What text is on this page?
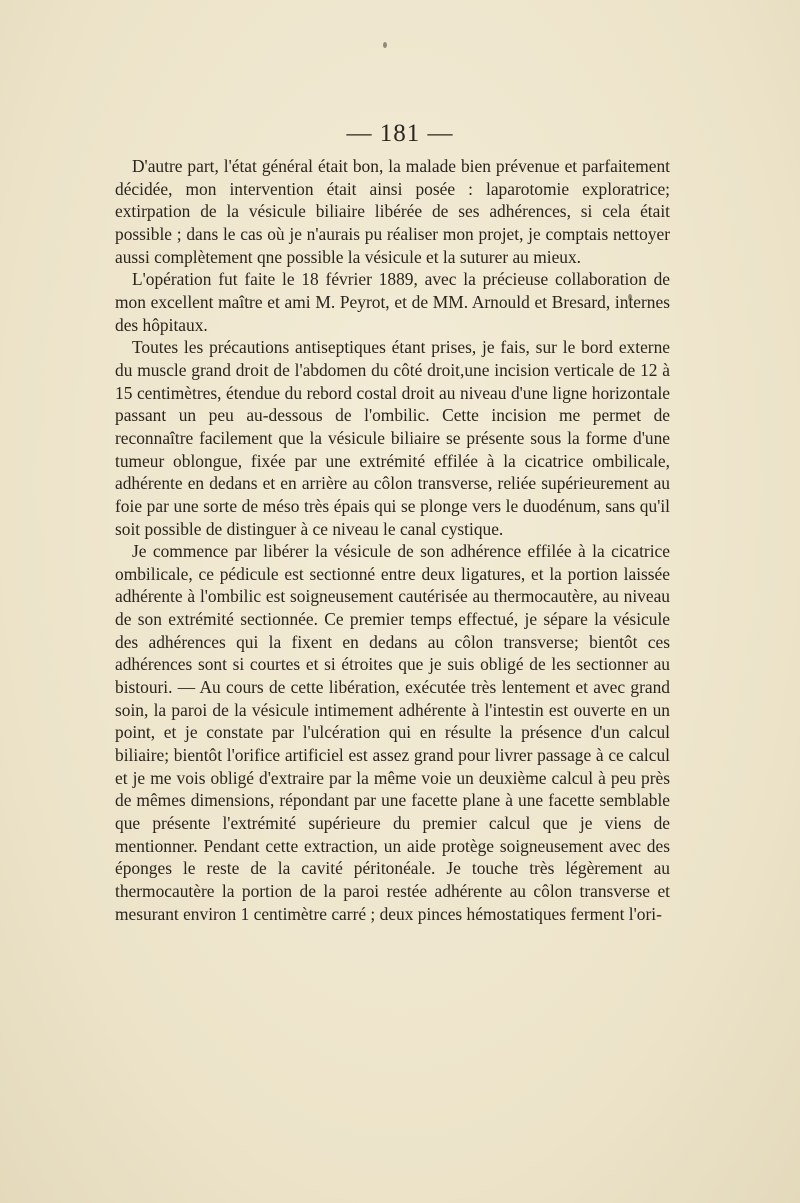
— 181 —

D'autre part, l'état général était bon, la malade bien prévenue et parfaitement décidée, mon intervention était ainsi posée : laparotomie exploratrice; extirpation de la vésicule biliaire libérée de ses adhérences, si cela était possible ; dans le cas où je n'aurais pu réaliser mon projet, je comptais nettoyer aussi complètement qne possible la vésicule et la suturer au mieux.

L'opération fut faite le 18 février 1889, avec la précieuse collaboration de mon excellent maître et ami M. Peyrot, et de MM. Arnould et Bresard, internes des hôpitaux.

Toutes les précautions antiseptiques étant prises, je fais, sur le bord externe du muscle grand droit de l'abdomen du côté droit,une incision verticale de 12 à 15 centimètres, étendue du rebord costal droit au niveau d'une ligne horizontale passant un peu au-dessous de l'ombilic. Cette incision me permet de reconnaître facilement que la vésicule biliaire se présente sous la forme d'une tumeur oblongue, fixée par une extrémité effilée à la cicatrice ombilicale, adhérente en dedans et en arrière au côlon transverse, reliée supérieurement au foie par une sorte de méso très épais qui se plonge vers le duodénum, sans qu'il soit possible de distinguer à ce niveau le canal cystique.

Je commence par libérer la vésicule de son adhérence effilée à la cicatrice ombilicale, ce pédicule est sectionné entre deux ligatures, et la portion laissée adhérente à l'ombilic est soigneusement cautérisée au thermocautère, au niveau de son extrémité sectionnée. Ce premier temps effectué, je sépare la vésicule des adhérences qui la fixent en dedans au côlon transverse; bientôt ces adhérences sont si courtes et si étroites que je suis obligé de les sectionner au bistouri. — Au cours de cette libération, exécutée très lentement et avec grand soin, la paroi de la vésicule intimement adhérente à l'intestin est ouverte en un point, et je constate par l'ulcération qui en résulte la présence d'un calcul biliaire; bientôt l'orifice artificiel est assez grand pour livrer passage à ce calcul et je me vois obligé d'extraire par la même voie un deuxième calcul à peu près de mêmes dimensions, répondant par une facette plane à une facette semblable que présente l'extrémité supérieure du premier calcul que je viens de mentionner. Pendant cette extraction, un aide protège soigneusement avec des éponges le reste de la cavité péritonéale. Je touche très légèrement au thermocautère la portion de la paroi restée adhérente au côlon transverse et mesurant environ 1 centimètre carré ; deux pinces hémostatiques ferment l'ori-
